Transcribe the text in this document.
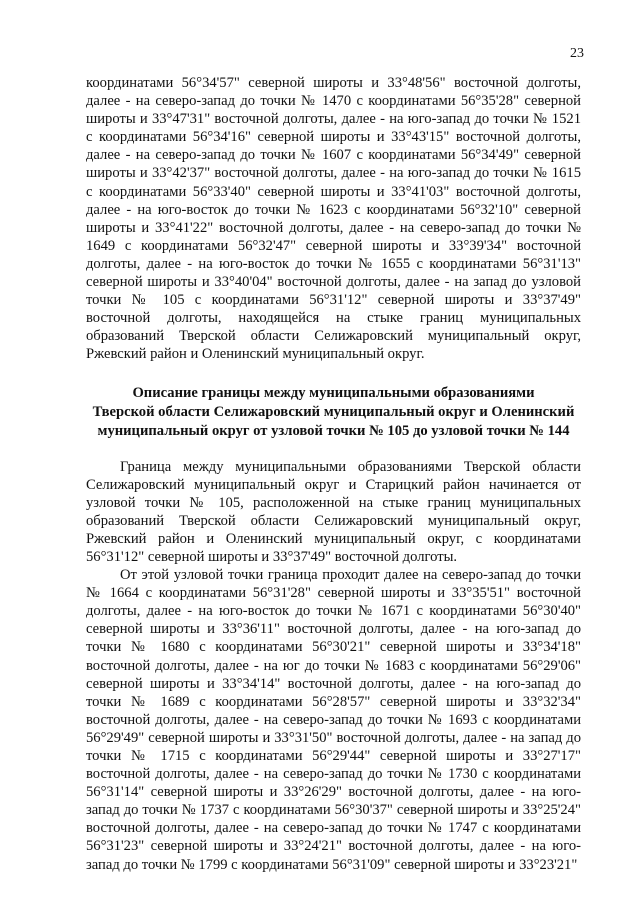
23

координатами 56°34'57" северной широты и 33°48'56" восточной долготы, далее - на северо-запад до точки № 1470 с координатами 56°35'28" северной широты и 33°47'31" восточной долготы, далее - на юго-запад до точки № 1521 с координатами 56°34'16" северной широты и 33°43'15" восточной долготы, далее - на северо-запад до точки № 1607 с координатами 56°34'49" северной широты и 33°42'37" восточной долготы, далее - на юго-запад до точки № 1615 с координатами 56°33'40" северной широты и 33°41'03" восточной долготы, далее - на юго-восток до точки № 1623 с координатами 56°32'10" северной широты и 33°41'22" восточной долготы, далее - на северо-запад до точки № 1649 с координатами 56°32'47" северной широты и 33°39'34" восточной долготы, далее - на юго-восток до точки № 1655 с координатами 56°31'13" северной широты и 33°40'04" восточной долготы, далее - на запад до узловой точки № 105 с координатами 56°31'12" северной широты и 33°37'49" восточной долготы, находящейся на стыке границ муниципальных образований Тверской области Селижаровский муниципальный округ, Ржевский район и Оленинский муниципальный округ.

Описание границы между муниципальными образованиями
Тверской области Селижаровский муниципальный округ и Оленинский
муниципальный округ от узловой точки № 105 до узловой точки № 144

Граница между муниципальными образованиями Тверской области Селижаровский муниципальный округ и Старицкий район начинается от узловой точки № 105, расположенной на стыке границ муниципальных образований Тверской области Селижаровский муниципальный округ, Ржевский район и Оленинский муниципальный округ, с координатами 56°31'12" северной широты и 33°37'49" восточной долготы.

От этой узловой точки граница проходит далее на северо-запад до точки № 1664 с координатами 56°31'28" северной широты и 33°35'51" восточной долготы, далее - на юго-восток до точки № 1671 с координатами 56°30'40" северной широты и 33°36'11" восточной долготы, далее - на юго-запад до точки № 1680 с координатами 56°30'21" северной широты и 33°34'18" восточной долготы, далее - на юг до точки № 1683 с координатами 56°29'06" северной широты и 33°34'14" восточной долготы, далее - на юго-запад до точки № 1689 с координатами 56°28'57" северной широты и 33°32'34" восточной долготы, далее - на северо-запад до точки № 1693 с координатами 56°29'49" северной широты и 33°31'50" восточной долготы, далее - на запад до точки № 1715 с координатами 56°29'44" северной широты и 33°27'17" восточной долготы, далее - на северо-запад до точки № 1730 с координатами 56°31'14" северной широты и 33°26'29" восточной долготы, далее - на юго-запад до точки № 1737 с координатами 56°30'37" северной широты и 33°25'24" восточной долготы, далее - на северо-запад до точки № 1747 с координатами 56°31'23" северной широты и 33°24'21" восточной долготы, далее - на юго-запад до точки № 1799 с координатами 56°31'09" северной широты и 33°23'21"
